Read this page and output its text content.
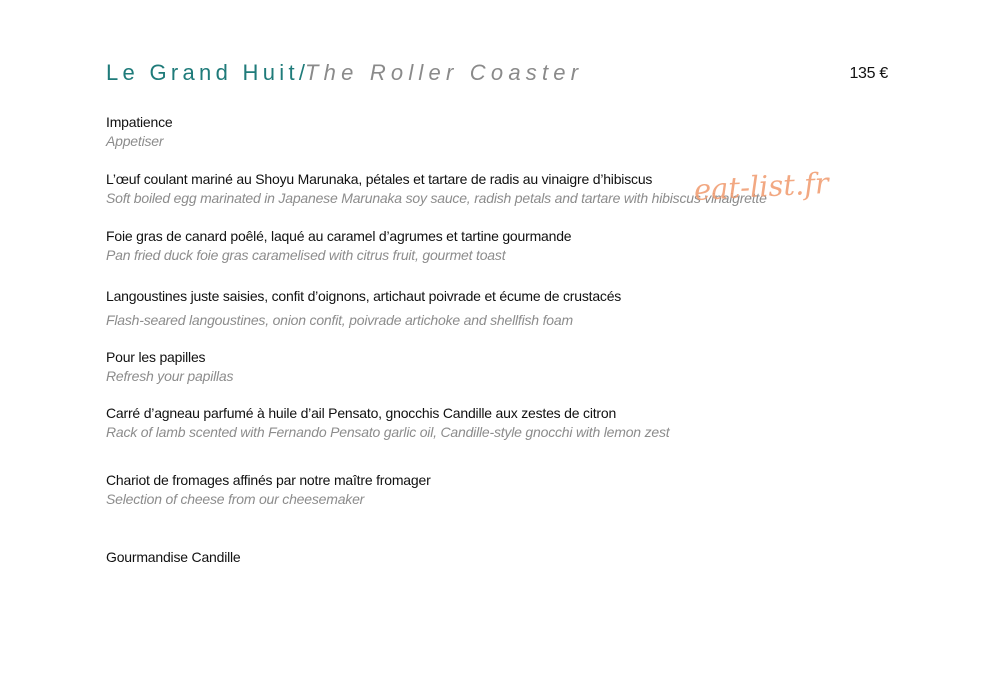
Le Grand Huit/The Roller Coaster	135 €
Impatience
Appetiser
L’œuf coulant mariné au Shoyu Marunaka, pétales et tartare de radis au vinaigre d’hibiscus
Soft boiled egg marinated in Japanese Marunaka soy sauce, radish petals and tartare with hibiscus vinaigrette
Foie gras de canard poêlé, laqué au caramel d’agrumes et tartine gourmande
Pan fried duck foie gras caramelised with citrus fruit, gourmet toast
Langoustines juste saisies, confit d’oignons, artichaut poivrade et écume de crustacés
Flash-seared langoustines, onion confit, poivrade artichoke and shellfish foam
Pour les papilles
Refresh your papillas
Carré d’agneau parfumé à huile d’ail Pensato, gnocchis Candille aux zestes de citron
Rack of lamb scented with Fernando Pensato garlic oil, Candille-style gnocchi with lemon zest
Chariot de fromages affinés par notre maître fromager
Selection of cheese from our cheesemaker
Gourmandise Candille
eat-list.fr
